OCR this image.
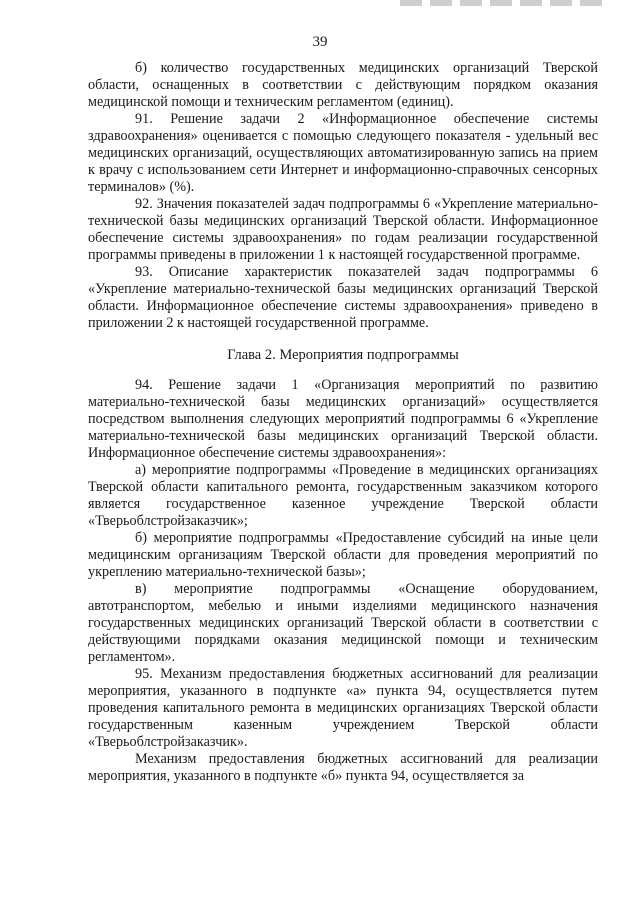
39

б) количество государственных медицинских организаций Тверской области, оснащенных в соответствии с действующим порядком оказания медицинской помощи и техническим регламентом (единиц).

91. Решение задачи 2 «Информационное обеспечение системы здравоохранения» оценивается с помощью следующего показателя - удельный вес медицинских организаций, осуществляющих автоматизированную запись на прием к врачу с использованием сети Интернет и информационно-справочных сенсорных терминалов» (%).

92. Значения показателей задач подпрограммы 6 «Укрепление материально-технической базы медицинских организаций Тверской области. Информационное обеспечение системы здравоохранения» по годам реализации государственной программы приведены в приложении 1 к настоящей государственной программе.

93. Описание характеристик показателей задач подпрограммы 6 «Укрепление материально-технической базы медицинских организаций Тверской области. Информационное обеспечение системы здравоохранения» приведено в приложении 2 к настоящей государственной программе.

Глава 2. Мероприятия подпрограммы

94. Решение задачи 1 «Организация мероприятий по развитию материально-технической базы медицинских организаций» осуществляется посредством выполнения следующих мероприятий подпрограммы 6 «Укрепление материально-технической базы медицинских организаций Тверской области. Информационное обеспечение системы здравоохранения»:

а) мероприятие подпрограммы «Проведение в медицинских организациях Тверской области капитального ремонта, государственным заказчиком которого является государственное казенное учреждение Тверской области «Тверьоблстройзаказчик»;

б) мероприятие подпрограммы «Предоставление субсидий на иные цели медицинским организациям Тверской области для проведения мероприятий по укреплению материально-технической базы»;

в) мероприятие подпрограммы «Оснащение оборудованием, автотранспортом, мебелью и иными изделиями медицинского назначения государственных медицинских организаций Тверской области в соответствии с действующими порядками оказания медицинской помощи и техническим регламентом».

95. Механизм предоставления бюджетных ассигнований для реализации мероприятия, указанного в подпункте «а» пункта 94, осуществляется путем проведения капитального ремонта в медицинских организациях Тверской области государственным казенным учреждением Тверской области «Тверьоблстройзаказчик».

Механизм предоставления бюджетных ассигнований для реализации мероприятия, указанного в подпункте «б» пункта 94, осуществляется за
